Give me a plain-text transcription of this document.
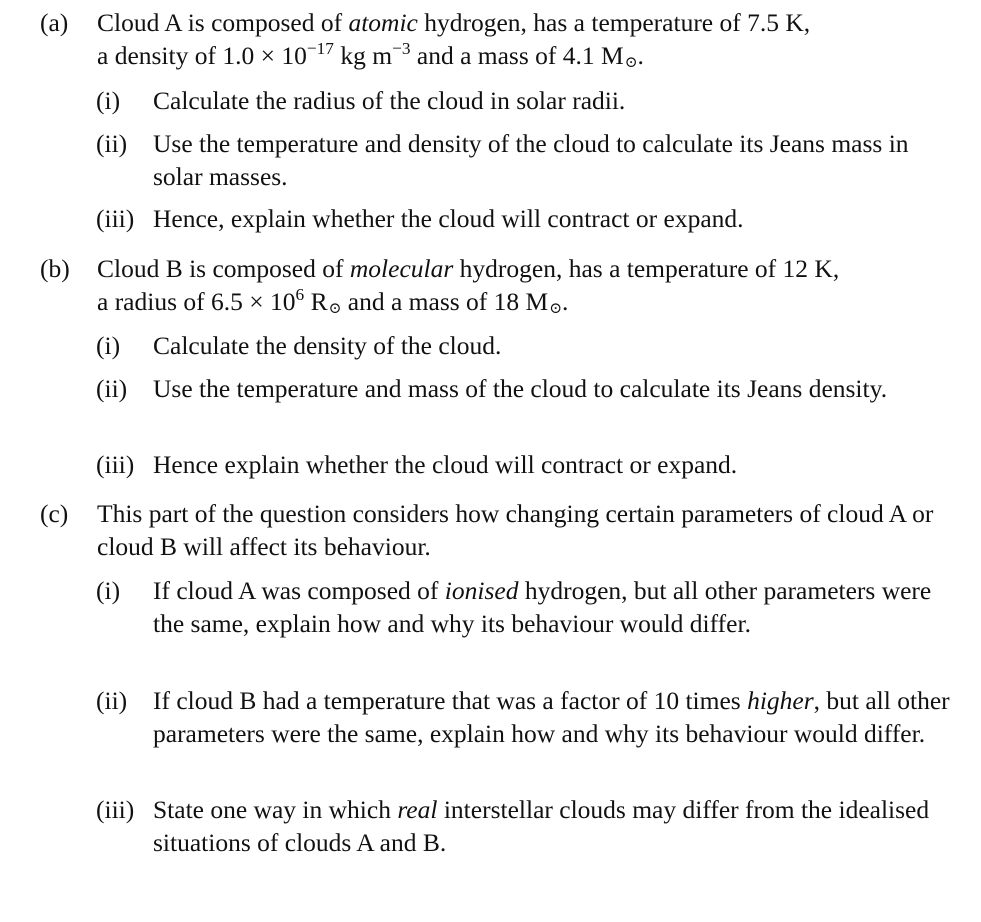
(a)	Cloud A is composed of atomic hydrogen, has a temperature of 7.5 K,
a density of $1.0 \times 10^{-17}$ kg $m^{-3}$ and a mass of 4.1 M⊙.
(i)	Calculate the radius of the cloud in solar radii.
(ii)	Use the temperature and density of the cloud to calculate its Jeans mass in solar masses.
(iii) Hence, explain whether the cloud will contract or expand.
(b)	Cloud B is composed of molecular hydrogen, has a temperature of 12 K,
a radius of $6.5 \times 10^6$ R⊙ and a mass of 18 M⊙.
(i)	Calculate the density of the cloud.
(ii)	Use the temperature and mass of the cloud to calculate its Jeans density.
(iii) Hence explain whether the cloud will contract or expand.
(c)	This part of the question considers how changing certain parameters of cloud A or cloud B will affect its behaviour.
(i)	If cloud A was composed of ionised hydrogen, but all other parameters were the same, explain how and why its behaviour would differ.
(ii)	If cloud B had a temperature that was a factor of 10 times higher, but all other parameters were the same, explain how and why its behaviour would differ.
(iii) State one way in which real interstellar clouds may differ from the idealised situations of clouds A and B.
